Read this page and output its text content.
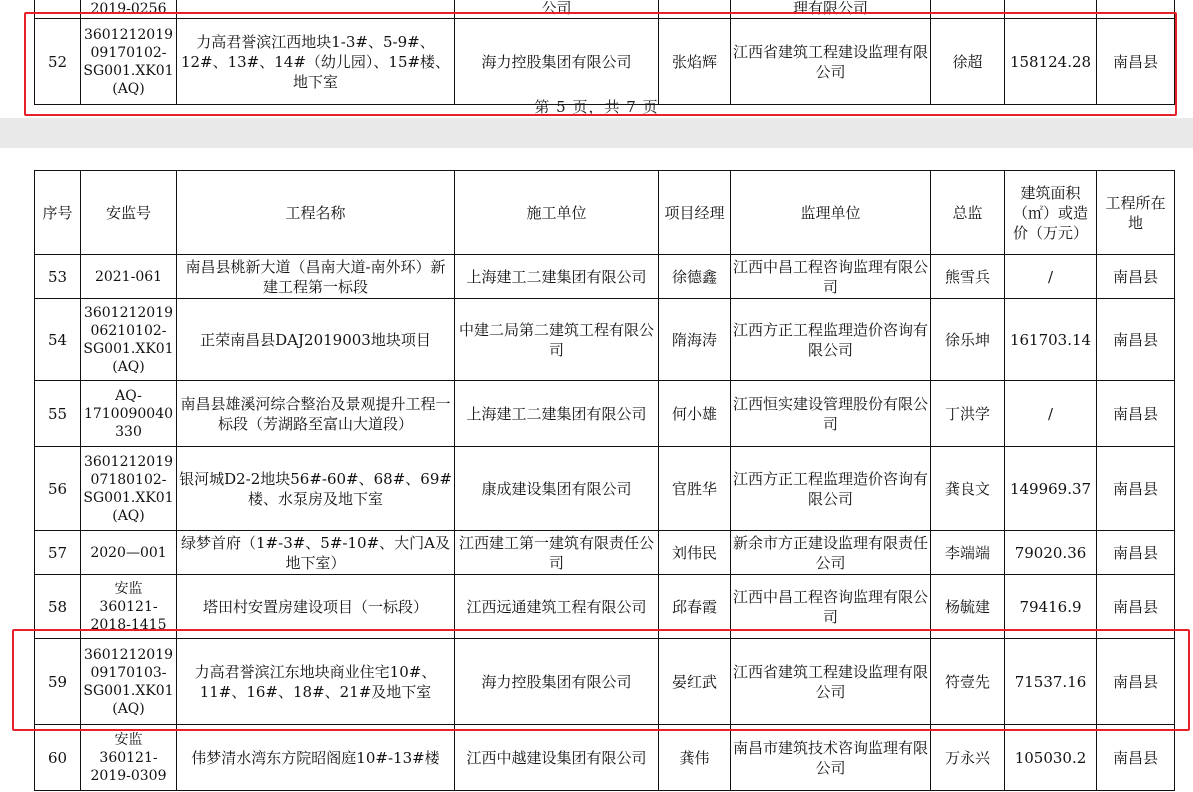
	2019-0256		公司		理有限公司			
52	3601212019
09170102-
SG001.XK01
(AQ)	力高君誉滨江西地块1-3#、5-9#、12#、13#、14#（幼儿园）、15#楼、地下室	海力控股集团有限公司	张焰辉	江西省建筑工程建设监理有限公司	徐超	158124.28	南昌县
第 5 页，共 7 页
序号	安监号	工程名称	施工单位	项目经理	监理单位	总监	建筑面积（㎡）或造价（万元）	工程所在地
53	2021-061	南昌县桃新大道（昌南大道-南外环）新建工程第一标段	上海建工二建集团有限公司	徐德鑫	江西中昌工程咨询监理有限公司	熊雪兵	/	南昌县
54	3601212019
06210102-
SG001.XK01
(AQ)	正荣南昌县DAJ2019003地块项目	中建二局第二建筑工程有限公司	隋海涛	江西方正工程监理造价咨询有限公司	徐乐坤	161703.14	南昌县
55	AQ-
1710090040
330	南昌县雄溪河综合整治及景观提升工程一标段（芳湖路至富山大道段）	上海建工二建集团有限公司	何小雄	江西恒实建设管理股份有限公司	丁洪学	/	南昌县
56	3601212019
07180102-
SG001.XK01
(AQ)	银河城D2-2地块56#-60#、68#、69#楼、水泵房及地下室	康成建设集团有限公司	官胜华	江西方正工程监理造价咨询有限公司	龚良文	149969.37	南昌县
57	2020—001	绿梦首府（1#-3#、5#-10#、大门A及地下室）	江西建工第一建筑有限责任公司	刘伟民	新余市方正建设监理有限责任公司	李端端	79020.36	南昌县
58	安监
360121-
2018-1415	塔田村安置房建设项目（一标段）	江西远通建筑工程有限公司	邱春霞	江西中昌工程咨询监理有限公司	杨毓建	79416.9	南昌县
59	3601212019
09170103-
SG001.XK01
(AQ)	力高君誉滨江东地块商业住宅10#、11#、16#、18#、21#及地下室	海力控股集团有限公司	晏红武	江西省建筑工程建设监理有限公司	符壹先	71537.16	南昌县
60	安监
360121-
2019-0309	伟梦清水湾东方院昭阁庭10#-13#楼	江西中越建设集团有限公司	龚伟	南昌市建筑技术咨询监理有限公司	万永兴	105030.2	南昌县
